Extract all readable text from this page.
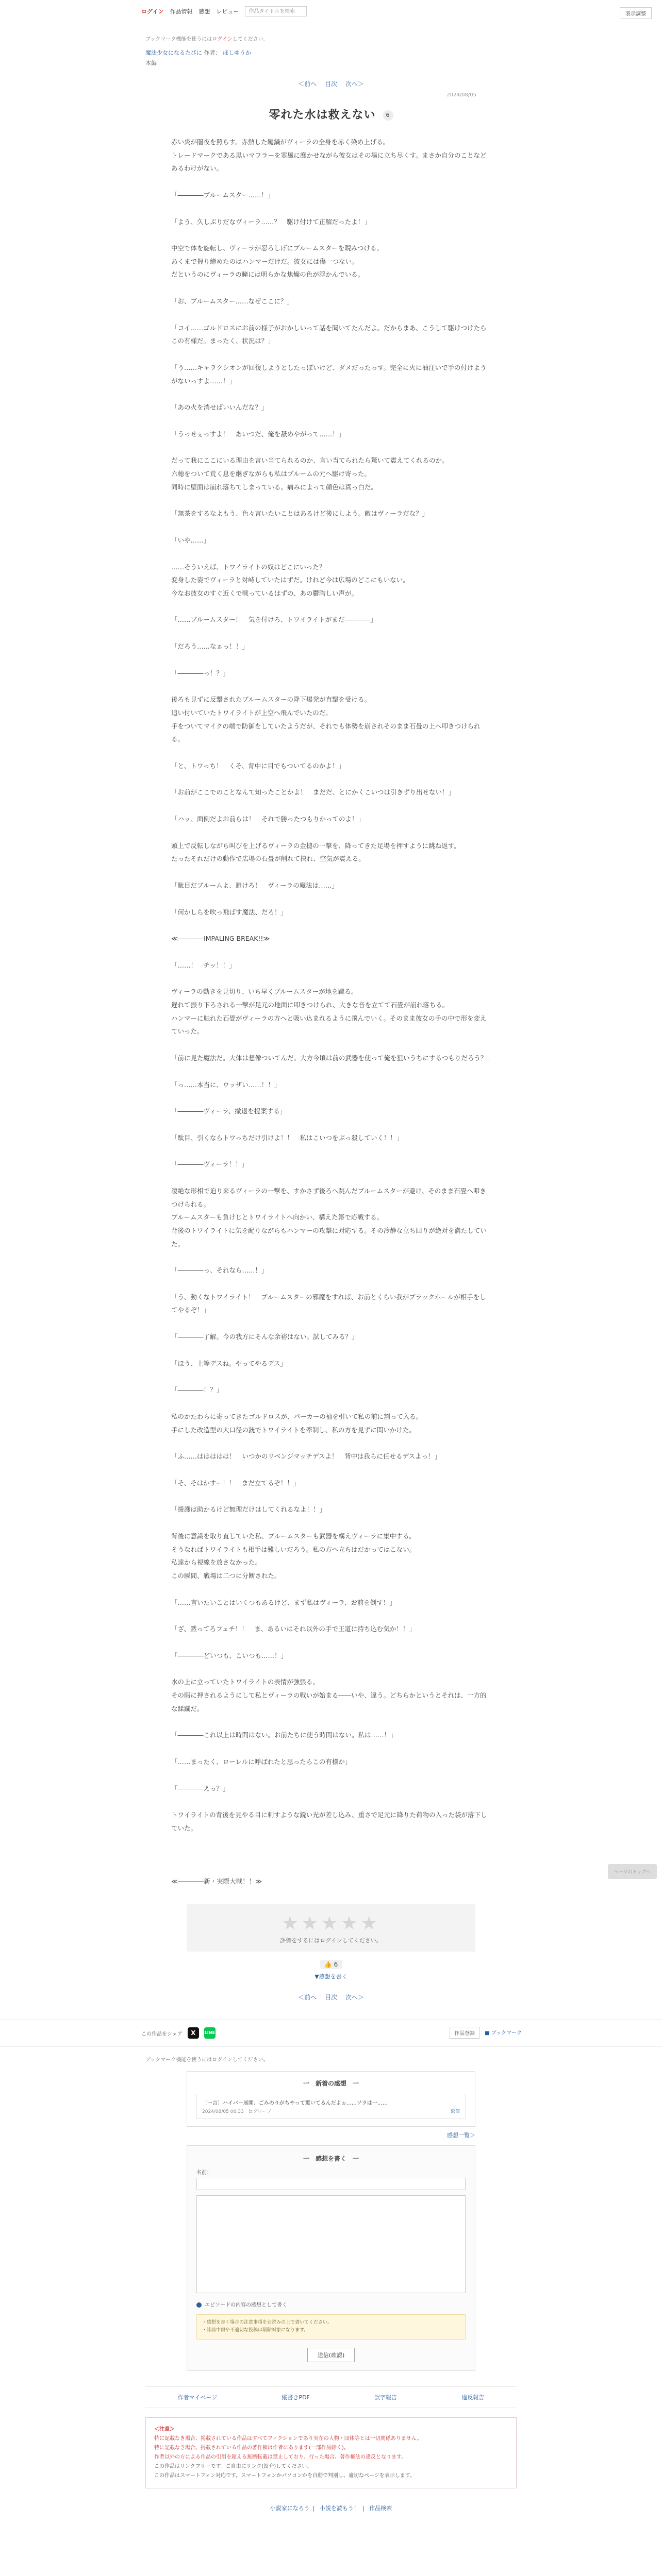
ログイン 作品情報 感想 レビュー	作品タイトルを検索	表示調整
ブックマーク機能を使うにはログインしてください。
魔法少女になるたびに 作者： ほしゆうか
本編
＜前へ 目次 次へ＞
2024/08/05
零れた水は救えない 6

赤い炎が闇夜を照らす。赤熱した鎚鍋がヴィーラの全身を赤く染め上げる。

トレードマークである黒いマフラーを寒風に靡かせながら彼女はその場に立ち尽くす。まさか自分のことなどあるわけがない。

「――――ブルームスター……！」

「よう、久しぶりだなヴィーラ……？　駆け付けて正解だったよ！」

中空で体を旋転し、ヴィーラが忍ろしげにブルームスターを睨みつける。

あくまで握り締めたのはハンマーだけだ。彼女には傷一つない。

だというのにヴィーラの瞳には明らかな焦燥の色が浮かんでいる。

「お、ブルームスター……なぜここに？」

「コイ……ゴルドロスにお前の様子がおかしいって話を聞いてたんだよ。だからまあ、こうして駆けつけたらこの有様だ。まったく、状況は？」

「う……キャラクシオンが回復しようとしたっぽいけど、ダメだったっす。完全に火に油注いで手の付けようがないっすよ……！」

「あの火を消せばいいんだな？」

「うっせぇっすよ！　あいつだ、俺を舐めやがって……！」

だって我にここにいる理由を言い当てられるのか、言い当てられたら驚いて震えてくれるのか。

六穂をついて荒く息を継ぎながらも私はブルームの元へ駆け寄った。

同時に壁面は崩れ落ちてしまっている。痛みによって顔色は真っ白だ。

「無茶をするなよもう、色々言いたいことはあるけど後にしよう。敵はヴィーラだな？」

「いや……」

……そういえば、トワイライトの奴はどこにいった？

変身した姿でヴィーラと対峙していたはずだ。けれど今は広場のどこにもいない。

今なお彼女のすぐ近くで戦っているはずの、あの鬱陶しい声が。

「……ブルームスター！　気を付けろ、トワイライトがまだ――――」

「だろう……なぁっ！！」

「――――っ！？」

後ろも見ずに反撃されたブルームスターの降下爆発が直撃を受ける。

追い付いていたトワイライトが上空へ飛んでいたのだ。

手をついてマイクの端で防御をしていたようだが、それでも体勢を崩されそのまま石畳の上へ叩きつけられる。

「と、トワっち！　くそ、背中に目でもついてるのかよ！」

「お前がここでのことなんて知ったことかよ！　まだだ、とにかくこいつは引きずり出せない！」

「ハッ、面倒だよお前らは！　それで勝ったつもりかってのよ！」

頭上で反転しながら叫びを上げるヴィーラの金槌の一撃を、降ってきた足場を押すように跳ね返す。

たったそれだけの動作で広場の石畳が削れて抉れ、空気が震える。

「駄目だブルームよ、避けろ！　ヴィーラの魔法は……」

「何かしらを吹っ飛ばす魔法、だろ！」

≪――――IMPALING BREAK!!≫

「……！　チッ！！」

ヴィーラの動きを見切り、いち早くブルームスターが地を蹴る。

遅れて振り下ろされる一撃が足元の地面に叩きつけられ、大きな音を立てて石畳が崩れ落ちる。

ハンマーに触れた石畳がヴィーラの方へと吸い込まれるように飛んでいく。そのまま彼女の手の中で形を変えていった。

「前に見た魔法だ。大体は想像ついてんだ。大方今頃は前の武器を使って俺を狙いうちにするつもりだろう？」

「っ……本当に、ウッザい……！！」

「――――ヴィーラ、撤退を提案する」

「駄目、引くならトワっちだけ引けよ！！　私はこいつをぶっ殺していく！！」

「――――ヴィーラ！！」

凄絶な形相で迫り来るヴィーラの一撃を、すかさず後ろへ跳んだブルームスターが避け、そのまま石畳へ叩きつけられる。

ブルームスターも負けじとトワイライトへ向かい、構えた箒で応戦する。

背後のトワイライトに気を配りながらもハンマーの攻撃に対応する。その冷静な立ち回りが絶対を満たしていた。

「――――っ、それなら……！」

「う、動くなトワイライト！　ブルームスターの邪魔をすれば、お前とくらい我がブラックホールが相手をしてやるぞ！」

「――――了解。今の我方にそんな余裕はない。試してみる？」

「ほう、上等デスね。やってやるデス」

「――――！？」

私のかたわらに寄ってきたゴルドロスが、パーカーの袖を引いて私の前に割って入る。

手にした改造型の大口径の銃でトワイライトを牽制し、私の方を見ずに問いかけた。

「ふ……ははははは！　いつかのリベンジマッチデスよ！　背中は我らに任せるデスよっ！」

「そ、そはかすー！！　まだ立てるぞ！！」

「援護は助かるけど無理だけはしてくれるなよ！！」

背後に意識を取り直していた私、ブルームスターも武器を構えヴィーラに集中する。

そうなればトワイライトも相手は難しいだろう。私の方へ立ちはだかってはこない。

私達から視線を放さなかった。

この瞬間、戦場は二つに分断された。

「……言いたいことはいくつもあるけど、まず私はヴィーラ、お前を倒す！」

「ざ、黙ってろフェチ！！　ま、あるいはそれ以外の手で王道に持ち込む気か！！」

「――――どいつも、こいつも……！」

水の上に立っていたトワイライトの表情が強張る。

その暇に押されるようにして私とヴィーラの戦いが始まる――いや、違う。どちらかというとそれは、一方的な蹂躙だ。

「――――これ以上は時間はない。お前たちに使う時間はない。私は……！」

「……まったく、ローレルに呼ばれたと思ったらこの有様か」

「――――えっ？」

トワイライトの背後を見やる目に刺すような鋭い光が差し込み、重さで足元に降りた荷物の入った袋が落下していた。

≪――――新・実際大戦！！≫

★★★★★
評価をするにはログインしてください。
👍 6
▼感想を書く
＜前へ 目次 次へ＞
この作品をシェア	X	LINE	作品登録	■ ブックマーク
ブックマーク機能を使うにはログインしてください。
一　新着の感想　一
［一言］ハイパー展開、ごみのりがちやって驚いてるんだよぉ……ソラは一……
2024/08/05 06:33　ｂグローブ	返信
感想一覧＞
一　感想を書く　一
名前：
エピソードの内容の感想として書く
・感想を書く場合の注意事項をお読みの上で書いてください。
・誹謗中傷や不適切な投稿は削除対象になります。
送信(確認)
作者マイページ	縦書きPDF	誤字報告	違反報告
＜注意＞
特に記載なき場合、掲載されている作品はすべてフィクションであり実在の人物・団体等とは一切関係ありません。
特に記載なき場合、掲載されている作品の著作権は作者にあります(一部作品除く)。
作者以外の方による作品の引用を超える無断転載は禁止しており、行った場合、著作権法の違反となります。
この作品はリンクフリーです。ご自由にリンク(紹介)してください。
この作品はスマートフォン対応です。スマートフォンかパソコンかを自動で判別し、適切なページを表示します。
小説家になろう | 小説を読もう！ | 作品検索
ページのトップへ
